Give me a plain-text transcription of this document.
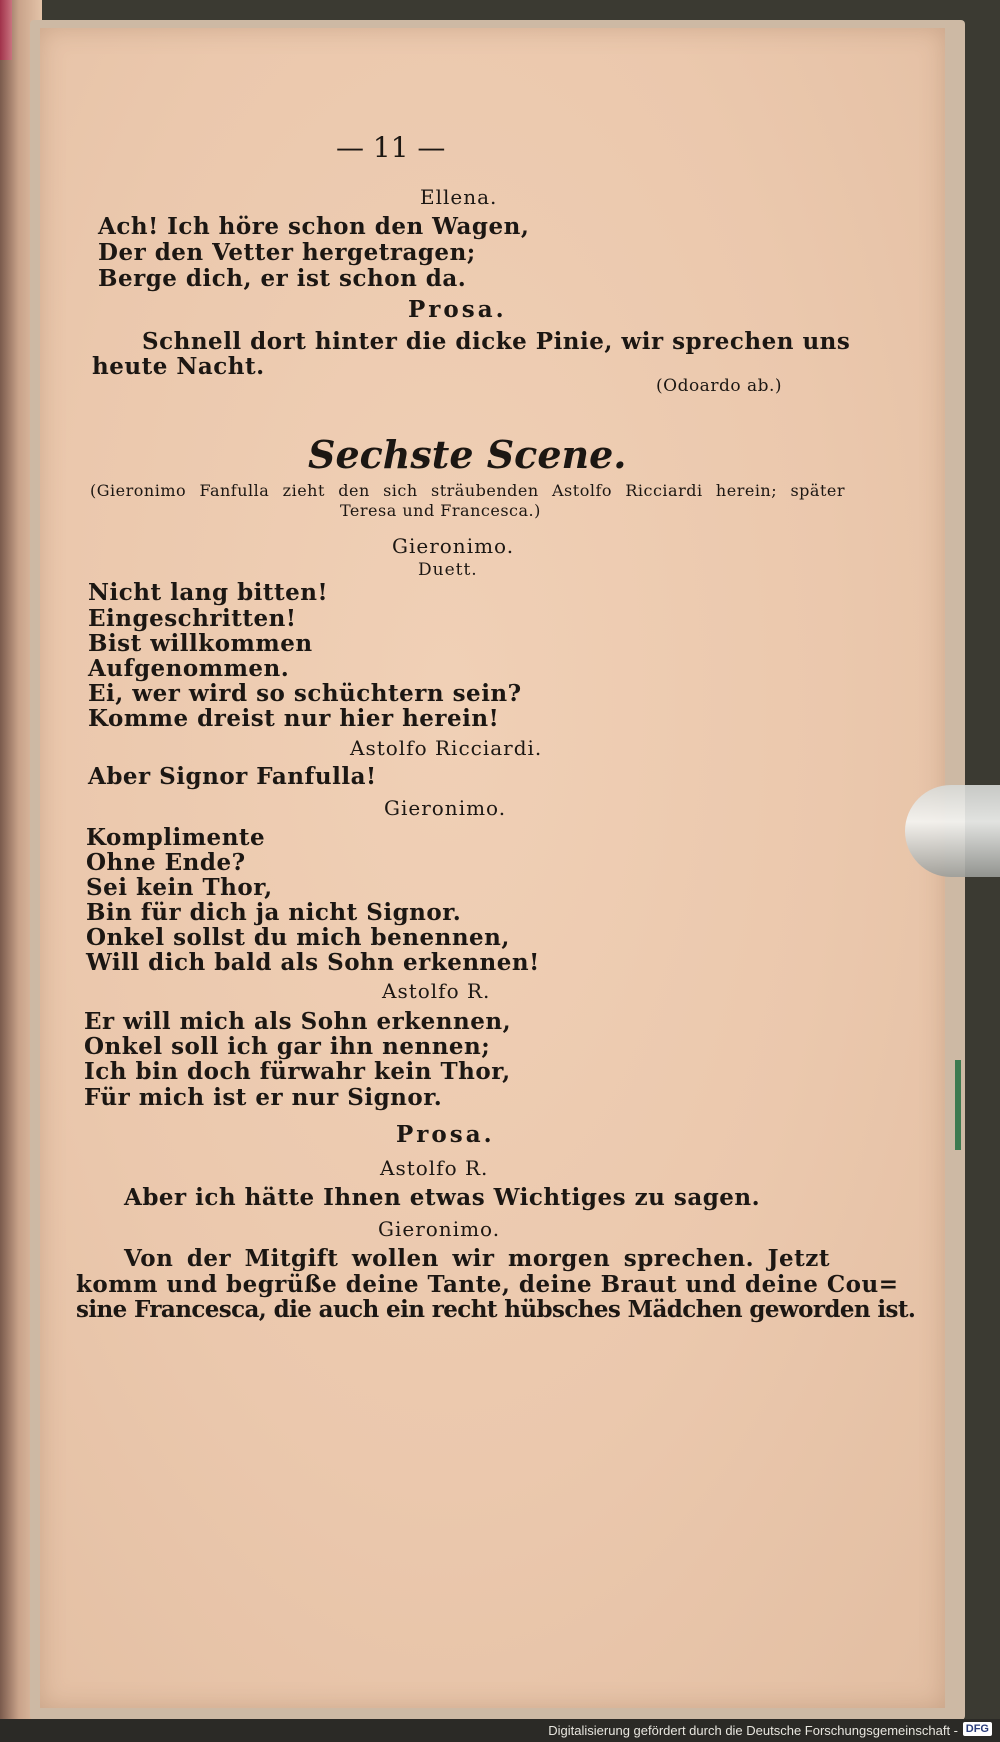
— 11 —
Ellena.
Ach! Ich höre schon den Wagen,
Der den Vetter hergetragen;
Berge dich, er ist schon da.
Prosa.
Schnell dort hinter die dicke Pinie, wir sprechen uns
heute Nacht.
(Odoardo ab.)
Sechste Scene.
(Gieronimo Fanfulla zieht den sich sträubenden Astolfo Ricciardi herein; später
Teresa und Francesca.)
Gieronimo.
Duett.
Nicht lang bitten!
Eingeschritten!
Bist willkommen
Aufgenommen.
Ei, wer wird so schüchtern sein?
Komme dreist nur hier herein!
Astolfo Ricciardi.
Aber Signor Fanfulla!
Gieronimo.
Komplimente
Ohne Ende?
Sei kein Thor,
Bin für dich ja nicht Signor.
Onkel sollst du mich benennen,
Will dich bald als Sohn erkennen!
Astolfo R.
Er will mich als Sohn erkennen,
Onkel soll ich gar ihn nennen;
Ich bin doch fürwahr kein Thor,
Für mich ist er nur Signor.
Prosa.
Astolfo R.
Aber ich hätte Ihnen etwas Wichtiges zu sagen.
Gieronimo.
Von der Mitgift wollen wir morgen sprechen. Jetzt
komm und begrüße deine Tante, deine Braut und deine Cou=
sine Francesca, die auch ein recht hübsches Mädchen geworden ist.
Digitalisierung gefördert durch die Deutsche Forschungsgemeinschaft - DFG
